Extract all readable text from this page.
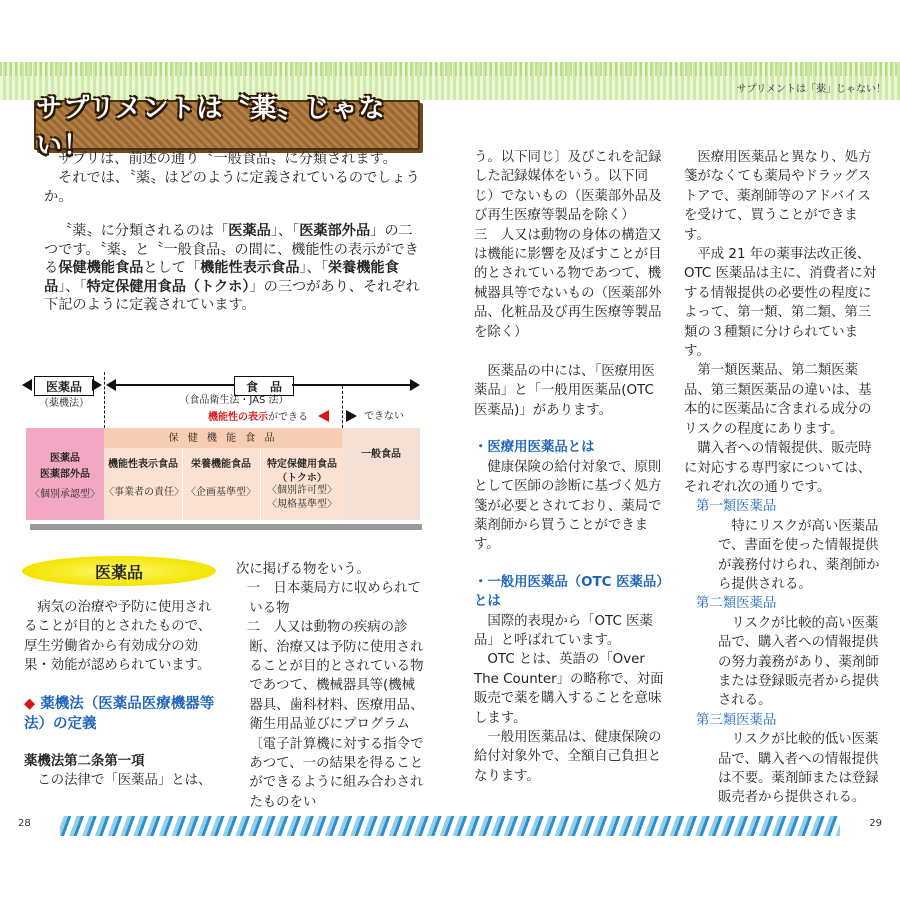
サプリメントは「薬」じゃない！
サプリメントは〝薬〟じゃない！
サプリは、前述の通り〝一般食品〟に分類されます。
それでは、〝薬〟はどのように定義されているのでしょうか。
〝薬〟に分類されるのは「医薬品」、「医薬部外品」の二つです。〝薬〟と〝一般食品〟の間に、機能性の表示ができる保健機能食品として「機能性表示食品」、「栄養機能食品」、「特定保健用食品（トクホ）」の三つがあり、それぞれ下記のように定義されています。
医薬品	食　品
（薬機法）	（食品衛生法・JAS 法）
機能性の表示ができる	できない
医薬品
医薬部外品
〈個別承認型〉
保 健 機 能 食 品
機能性表示食品
〈事業者の責任〉
栄養機能食品
〈企画基準型〉
特定保健用食品（トクホ）
〈個別許可型〉〈規格基準型〉
一般食品
医薬品

病気の治療や予防に使用されることが目的とされたもので、厚生労働省から有効成分の効果・効能が認められています。

◆ 薬機法（医薬品医療機器等法）の定義

薬機法第二条第一項

この法律で「医薬品」とは、

次に掲げる物をいう。

一　日本薬局方に収められている物

二　人又は動物の疾病の診断、治療又は予防に使用されることが目的とされている物であつて、機械器具等(機械器具、歯科材料、医療用品、衛生用品並びにプログラム〔電子計算機に対する指令であつて、一の結果を得ることができるように組み合わされたものをい

う。以下同じ〕及びこれを記録した記録媒体をいう。以下同じ）でないもの（医薬部外品及び再生医療等製品を除く）

三　人又は動物の身体の構造又は機能に影響を及ぼすことが目的とされている物であつて、機械器具等でないもの（医薬部外品、化粧品及び再生医療等製品を除く）

医薬品の中には、「医療用医薬品」と「一般用医薬品(OTC医薬品)」があります。

・医療用医薬品とは

健康保険の給付対象で、原則として医師の診断に基づく処方箋が必要とされており、薬局で薬剤師から買うことができます。

・一般用医薬品（OTC 医薬品）とは

国際的表現から「OTC 医薬品」と呼ばれています。

OTC とは、英語の「Over The Counter」の略称で、対面販売で薬を購入することを意味します。

一般用医薬品は、健康保険の給付対象外で、全額自己負担となります。

医療用医薬品と異なり、処方箋がなくても薬局やドラッグストアで、薬剤師等のアドバイスを受けて、買うことができます。

平成 21 年の薬事法改正後、OTC 医薬品は主に、消費者に対する情報提供の必要性の程度によって、第一類、第二類、第三類の３種類に分けられています。

第一類医薬品、第二類医薬品、第三類医薬品の違いは、基本的に医薬品に含まれる成分のリスクの程度にあります。

購入者への情報提供、販売時に対応する専門家については、それぞれ次の通りです。

第一類医薬品

特にリスクが高い医薬品で、書面を使った情報提供が義務付けられ、薬剤師から提供される。

第二類医薬品

リスクが比較的高い医薬品で、購入者への情報提供の努力義務があり、薬剤師または登録販売者から提供される。

第三類医薬品

リスクが比較的低い医薬品で、購入者への情報提供は不要。薬剤師または登録販売者から提供される。

28	29
